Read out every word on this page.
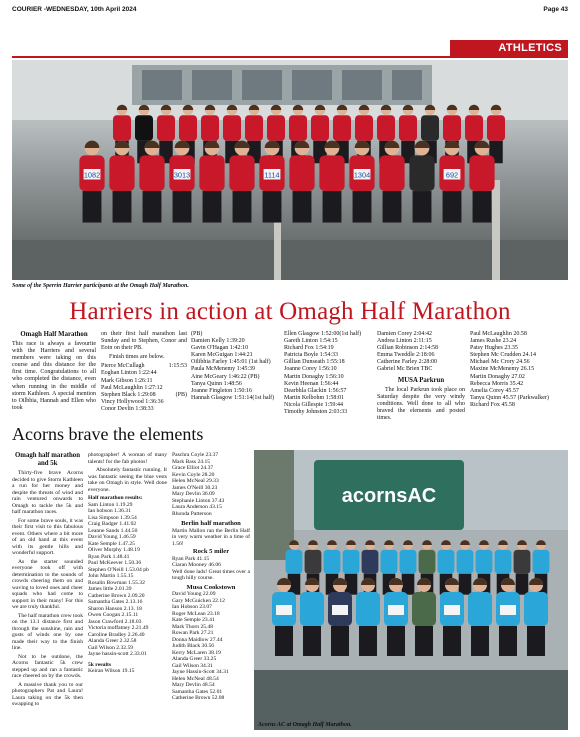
COURIER -WEDNESDAY, 10th April 2024	Page 43
ATHLETICS
1082	3013	1114	1304	692
Some of the Sperrin Harrier participants at the Omagh Half Marathon.
Harriers in action at Omagh Half Marathon
Omagh Half Marathon

This race is always a favourite with the Harriers and several members were taking on this course and this distance for the first time. Congratulations to all who completed the distance, even when running in the middle of storm Kathleen. A special mention to Oilbhia, Hannah and Ellen who took

on their first half marathon last Sunday and to Stephen, Conor and Eoin on their PB.

Finish times are below.

Pierce McCullagh	1:15:53
Eoghan Linton 1:22:44
Mark Gibson 1:26:11
Paul McLaughlin 1:27:12
Stephen Black 1:29:08	(PB)
Vincy Hollywood 1:36:36
Conor Devlin 1:38:33
(PB)
Damien Kelly 1:39:20
Gavin O'Hagan 1:42:10
Karen McGuigan 1:44:21
Oilibhia Farley 1:45:01 (1st half)
Paula McMenemy 1:45:39
Aine McGeary 1:46:22 (PB)
Tanya Quinn 1:48:56
Joanne Fingleton 1:50:16
Hannah Glasgow 1:51:14(1st half)
Ellen Glasgow 1:52:00(1st half)
Gareth Linton 1:54:15
Richard Fox 1:54:19
Patricia Boyle 1:54:33
Gillian Dunseath 1:55:18
Joanne Corey 1:56:10
Martin Donaghy 1:56:10
Kevin Heenan 1:56:44
Dearbhla Glackin 1:56:57
Martin Kelbohm 1:58:01
Nicola Gillespie 1:59:44
Timothy Johnston 2:03:33
Damien Corey 2:04:42
Andrea Linton 2:11:15
Gillian Robinson 2:14:58
Emma Tweddle 2:18:06
Catherine Farley 2:28:00
Gabriel Mc Brien TBC
MUSA Parkrun

The local Parkrun took place on Saturday despite the very windy conditions. Well done to all who braved the elements and posted times.

Paul McLaughlin 20.58
James Rushe 23.24
Patsy Hughes 23.35
Stephen Mc Crudden 24.14
Michael Mc Crory 24.56
Maxine McMenemy 26.15
Martin Donaghy 27.02
Rebecca Morris 35.42
Amelia Corey 45.57
Tanya Quinn 45.57 (Parkwalker)
Richard Fox 45.58
Acorns brave the elements
Omagh half marathon and 5k

Thirty-five brave Acorns decided to give Storm Kathleen a run for her money and despite the threats of wind and rain ventured onwards to Omagh to tackle the 5k and half marathon races.

For some brave souls, it was their first visit to this fabulous event. Others where a bit more of an old hand at this event with its gentle hills and wonderful support.

As the starter sounded everyone took off with determination to the sounds of crowds cheering them on and waving to loved ones and cheer squads who had come to support in their many! For this we are truly thankful.

The half marathon crew took on the 13.1 distance first and through the sunshine, rain and gusts of winds one by one made their way to the finish line.

Not to be outdone, the Acorns fantastic 5k crew stepped up and ran a fantastic race cheered on by the crowds.

A massive thank you to our photographers Pat and Laura! Laura taking on the 5k then swapping to

photographer! A woman of many talents! for the fab photos!

Absolutely fantastic running. It was fantastic seeing the blue vests take on Omagh in style. Well done everyone.

Half marathon results:
Sam Linton 1.19.29
Ian hobson 1.36.31
Lisa Simpson 1.39.54
Craig Badger 1.41.02
Leanne Sands 1.44.50
David Young 1.46.59
Kate Semple 1.47.25
Oliver Murphy 1.48.19
Ryan Park 1.48.41
Paul McKeever 1.50.36
Stephen O'Neill 1.53.04 pb
John Martin 1.55.15
Rosalin Bowman 1.55.32
James little 2.01.39
Catherine Brown 2.09.20
Samantha Gates 2.13.16
Sharon Hanson 2.13. 18
Owen Coogan 2.15.11
Jason Crawford 2.18.03
Victoria moffatney 2.21.49
Caroline Bradley 2.26.40
Alanda Greer 2.32.58
Gail Wilson 2.32.59
Jayne hassin-scott 2.33.01
5k results
Keiran Wilson 19.15
Paschra Coyle 23.37
Mark Bass 24.15
Grace Elliot 24.37
Kevin Coyle 28.20
Helen McNeal 29.33
James O'Neill 30.23
Mary Devlin 36.09
Stephanie Linton 37.43
Laura Anderson 43.15
Rhonda Patterson
Berlin half marathon

Martin Mallon ran the Berlin Half in very warm weather in a time of 1.56!

Rock 5 miler
Ryan Park 41.15
Ciaran Mooney 46.06
Well done lads! Great times over a tough hilly course.
Musa Cookstown
David Young 22.09
Gary McGuicken 22.12
Ian Hobson 23.07
Roger McLean 23.18
Kate Semple 23.41
Mark Thorn 25.48
Rowan Park 27.21
Donna Maidlow 27.44
Judith Black 30.56
Kerry McLaren 38.19
Alanda Greer 33.25
Gail Wilson 34.31
Jayne Hassin-Scott 34.31
Helen McNeal 48.54
Mary Devlin 48.54
Samantha Gates 52.01
Catherine Brown 52.08
acornsAC
Acorns AC at Omagh Half Marathon.
